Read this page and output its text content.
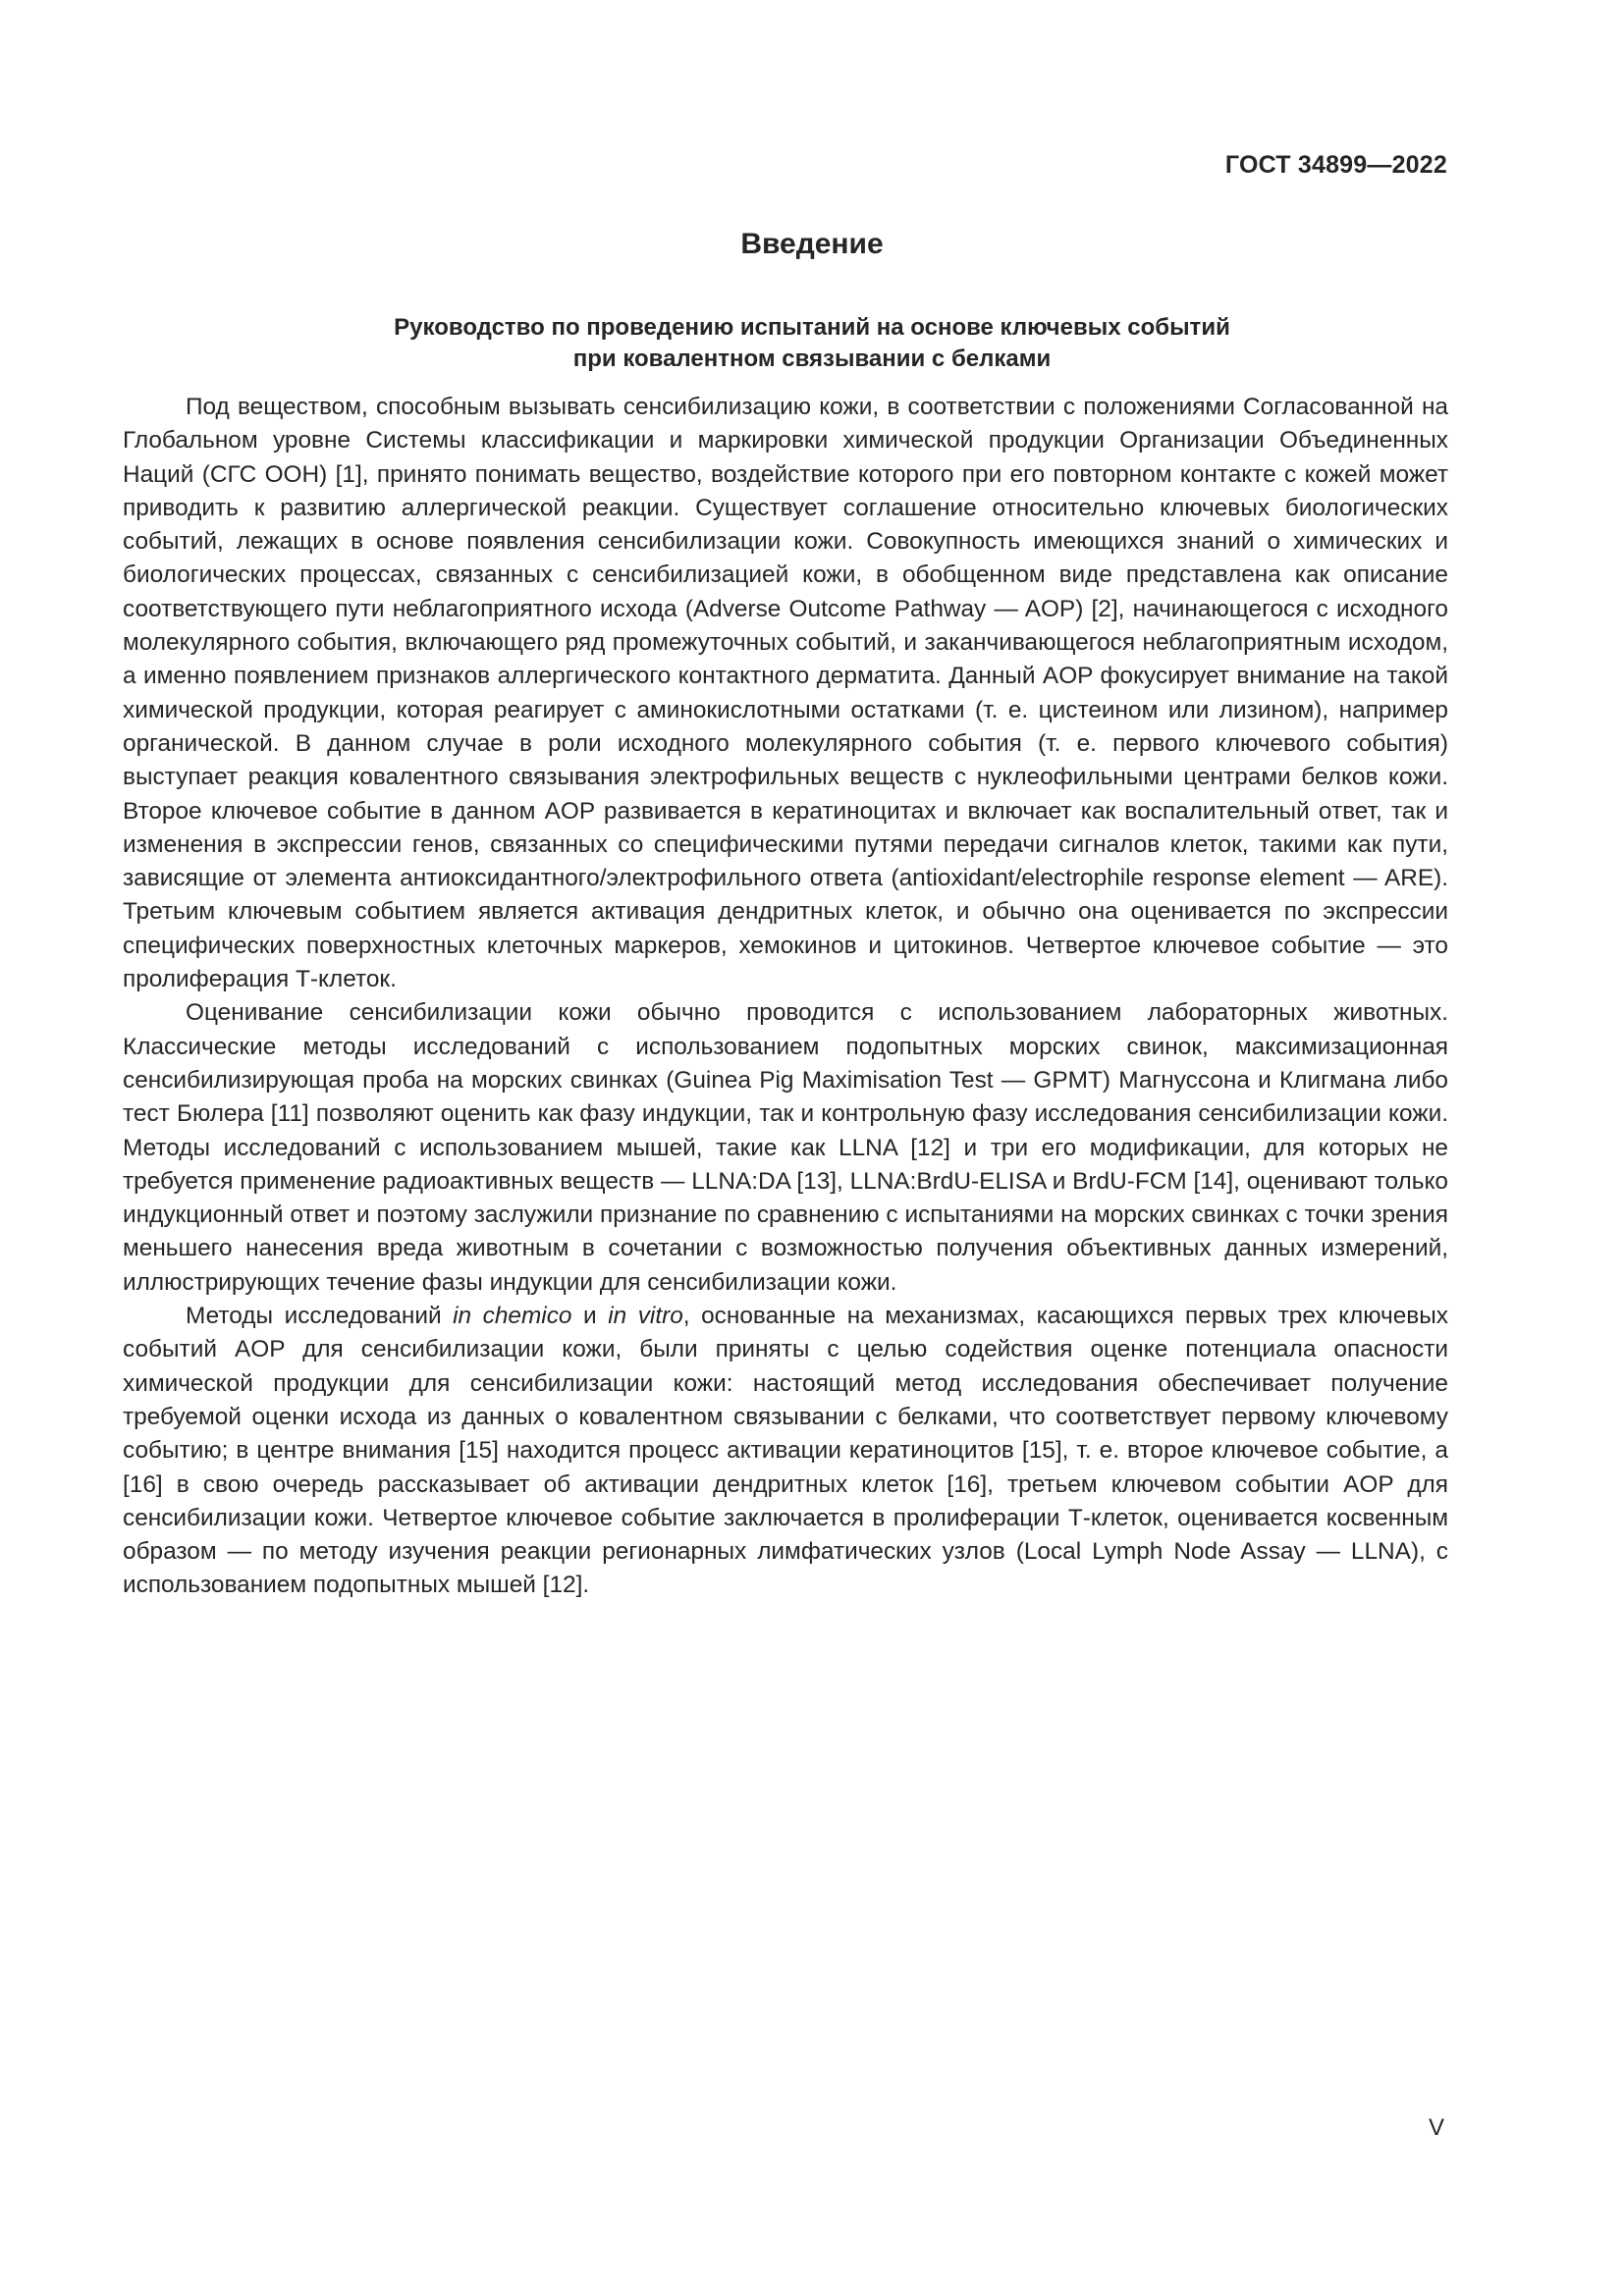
ГОСТ 34899—2022
Введение
Руководство по проведению испытаний на основе ключевых событий
при ковалентном связывании с белками

Под веществом, способным вызывать сенсибилизацию кожи, в соответствии с положениями Согласованной на Глобальном уровне Системы классификации и маркировки химической продукции Организации Объединенных Наций (СГС ООН) [1], принято понимать вещество, воздействие которого при его повторном контакте с кожей может приводить к развитию аллергической реакции. Существует соглашение относительно ключевых биологических событий, лежащих в основе появления сенсибилизации кожи. Совокупность имеющихся знаний о химических и биологических процессах, связанных с сенсибилизацией кожи, в обобщенном виде представлена как описание соответствующего пути неблагоприятного исхода (Adverse Outcome Pathway — AOP) [2], начинающегося с исходного молекулярного события, включающего ряд промежуточных событий, и заканчивающегося неблагоприятным исходом, а именно появлением признаков аллергического контактного дерматита. Данный AOP фокусирует внимание на такой химической продукции, которая реагирует с аминокислотными остатками (т. е. цистеином или лизином), например органической. В данном случае в роли исходного молекулярного события (т. е. первого ключевого события) выступает реакция ковалентного связывания электрофильных веществ с нуклеофильными центрами белков кожи. Второе ключевое событие в данном AOP развивается в кератиноцитах и включает как воспалительный ответ, так и изменения в экспрессии генов, связанных со специфическими путями передачи сигналов клеток, такими как пути, зависящие от элемента антиоксидантного/электрофильного ответа (antioxidant/electrophile response element — ARE). Третьим ключевым событием является активация дендритных клеток, и обычно она оценивается по экспрессии специфических поверхностных клеточных маркеров, хемокинов и цитокинов. Четвертое ключевое событие — это пролиферация Т-клеток.

Оценивание сенсибилизации кожи обычно проводится с использованием лабораторных животных. Классические методы исследований с использованием подопытных морских свинок, максимизационная сенсибилизирующая проба на морских свинках (Guinea Pig Maximisation Test — GPMT) Магнуссона и Клигмана либо тест Бюлера [11] позволяют оценить как фазу индукции, так и контрольную фазу исследования сенсибилизации кожи. Методы исследований с использованием мышей, такие как LLNA [12] и три его модификации, для которых не требуется применение радиоактивных веществ — LLNA:DA [13], LLNA:BrdU-ELISA и BrdU-FCM [14], оценивают только индукционный ответ и поэтому заслужили признание по сравнению с испытаниями на морских свинках с точки зрения меньшего нанесения вреда животным в сочетании с возможностью получения объективных данных измерений, иллюстрирующих течение фазы индукции для сенсибилизации кожи.

Методы исследований in chemico и in vitro, основанные на механизмах, касающихся первых трех ключевых событий AOP для сенсибилизации кожи, были приняты с целью содействия оценке потенциала опасности химической продукции для сенсибилизации кожи: настоящий метод исследования обеспечивает получение требуемой оценки исхода из данных о ковалентном связывании с белками, что соответствует первому ключевому событию; в центре внимания [15] находится процесс активации кератиноцитов [15], т. е. второе ключевое событие, а [16] в свою очередь рассказывает об активации дендритных клеток [16], третьем ключевом событии AOP для сенсибилизации кожи. Четвертое ключевое событие заключается в пролиферации Т-клеток, оценивается косвенным образом — по методу изучения реакции регионарных лимфатических узлов (Local Lymph Node Assay — LLNA), с использованием подопытных мышей [12].

V
